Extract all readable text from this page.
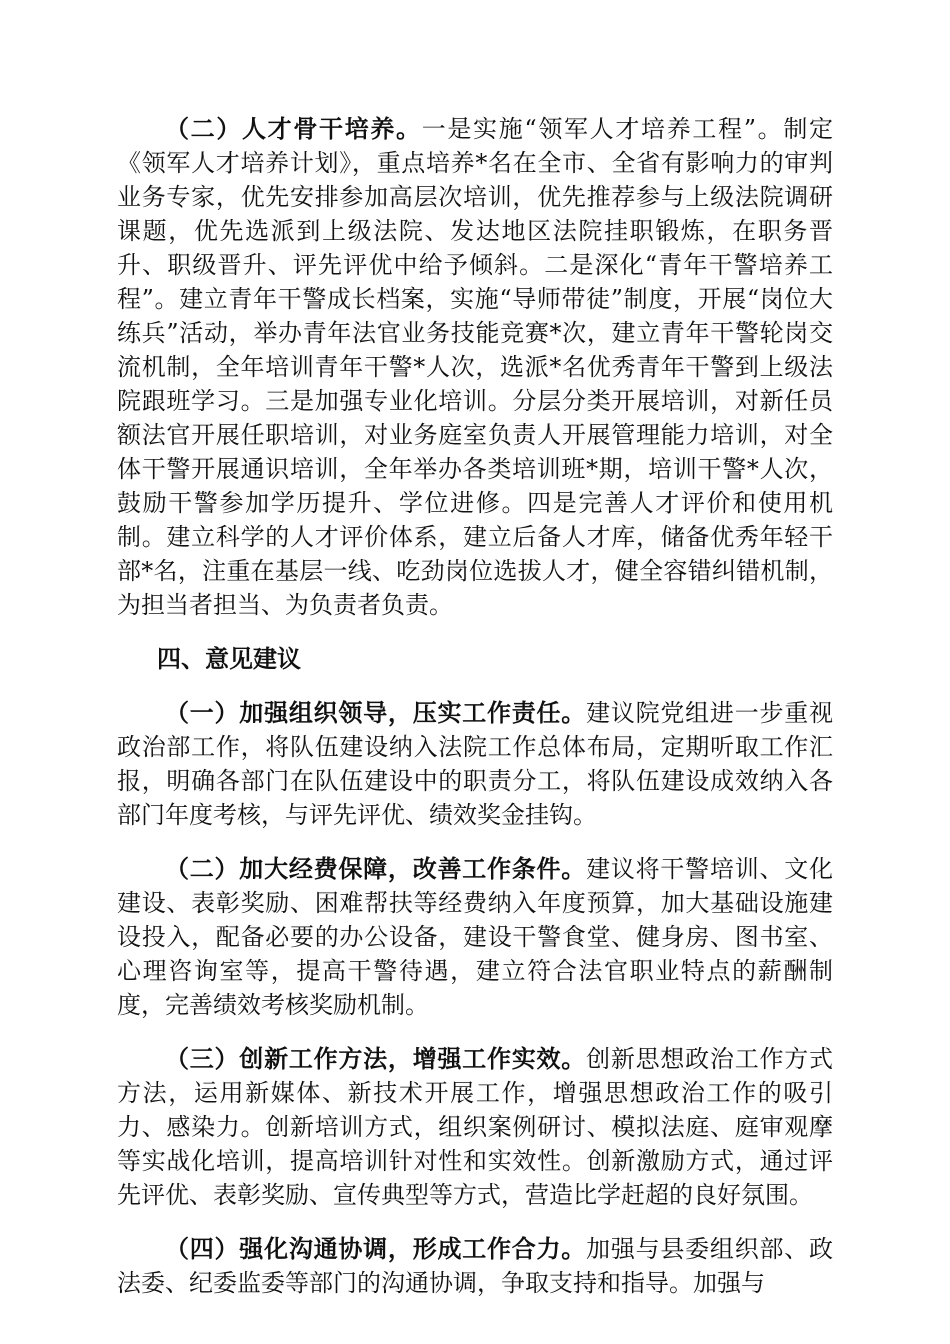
（二）人才骨干培养。一是实施“领军人才培养工程”。制定《领军人才培养计划》，重点培养*名在全市、全省有影响力的审判业务专家，优先安排参加高层次培训，优先推荐参与上级法院调研课题，优先选派到上级法院、发达地区法院挂职锻炼，在职务晋升、职级晋升、评先评优中给予倾斜。二是深化“青年干警培养工程”。建立青年干警成长档案，实施“导师带徒”制度，开展“岗位大练兵”活动，举办青年法官业务技能竞赛*次，建立青年干警轮岗交流机制，全年培训青年干警*人次，选派*名优秀青年干警到上级法院跟班学习。三是加强专业化培训。分层分类开展培训，对新任员额法官开展任职培训，对业务庭室负责人开展管理能力培训，对全体干警开展通识培训，全年举办各类培训班*期，培训干警*人次，鼓励干警参加学历提升、学位进修。四是完善人才评价和使用机制。建立科学的人才评价体系，建立后备人才库，储备优秀年轻干部*名，注重在基层一线、吃劲岗位选拔人才，健全容错纠错机制，为担当者担当、为负责者负责。

四、意见建议

（一）加强组织领导，压实工作责任。建议院党组进一步重视政治部工作，将队伍建设纳入法院工作总体布局，定期听取工作汇报，明确各部门在队伍建设中的职责分工，将队伍建设成效纳入各部门年度考核，与评先评优、绩效奖金挂钩。

（二）加大经费保障，改善工作条件。建议将干警培训、文化建设、表彰奖励、困难帮扶等经费纳入年度预算，加大基础设施建设投入，配备必要的办公设备，建设干警食堂、健身房、图书室、心理咨询室等，提高干警待遇，建立符合法官职业特点的薪酬制度，完善绩效考核奖励机制。

（三）创新工作方法，增强工作实效。创新思想政治工作方式方法，运用新媒体、新技术开展工作，增强思想政治工作的吸引力、感染力。创新培训方式，组织案例研讨、模拟法庭、庭审观摩等实战化培训，提高培训针对性和实效性。创新激励方式，通过评先评优、表彰奖励、宣传典型等方式，营造比学赶超的良好氛围。

（四）强化沟通协调，形成工作合力。加强与县委组织部、政法委、纪委监委等部门的沟通协调，争取支持和指导。加强与
